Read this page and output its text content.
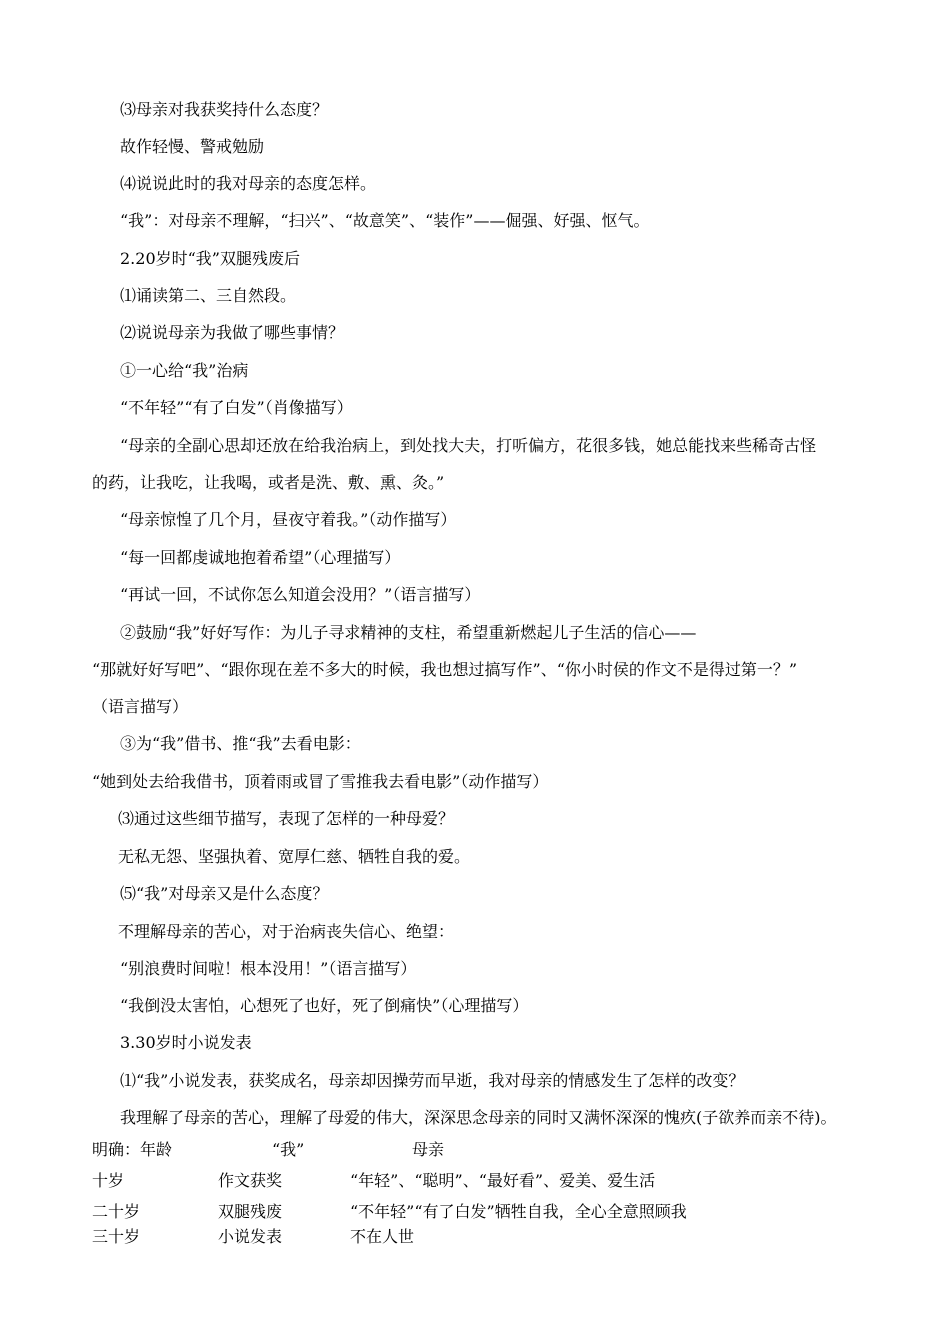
⑶母亲对我获奖持什么态度？
故作轻慢、警戒勉励
⑷说说此时的我对母亲的态度怎样。
“我”：对母亲不理解，“扫兴”、“故意笑”、“装作”——倔强、好强、怄气。
2.20岁时“我”双腿残废后
⑴诵读第二、三自然段。
⑵说说母亲为我做了哪些事情？
①一心给“我”治病
“不年轻”“有了白发”（肖像描写）
“母亲的全副心思却还放在给我治病上，到处找大夫，打听偏方，花很多钱，她总能找来些稀奇古怪
的药，让我吃，让我喝，或者是洗、敷、熏、灸。”
“母亲惊惶了几个月，昼夜守着我。”（动作描写）
“每一回都虔诚地抱着希望”（心理描写）
“再试一回，不试你怎么知道会没用？”（语言描写）
②鼓励“我”好好写作：为儿子寻求精神的支柱，希望重新燃起儿子生活的信心——
“那就好好写吧”、“跟你现在差不多大的时候，我也想过搞写作”、“你小时侯的作文不是得过第一？”
（语言描写）
③为“我”借书、推“我”去看电影：
“她到处去给我借书，顶着雨或冒了雪推我去看电影”（动作描写）
⑶通过这些细节描写，表现了怎样的一种母爱？
无私无怨、坚强执着、宽厚仁慈、牺牲自我的爱。
⑸“我”对母亲又是什么态度？
不理解母亲的苦心，对于治病丧失信心、绝望：
“别浪费时间啦！根本没用！”（语言描写）
“我倒没太害怕，心想死了也好，死了倒痛快”（心理描写）
3.30岁时小说发表
⑴“我”小说发表，获奖成名，母亲却因操劳而早逝，我对母亲的情感发生了怎样的改变？
我理解了母亲的苦心，理解了母爱的伟大，深深思念母亲的同时又满怀深深的愧疚(子欲养而亲不待)。
明确：年龄	“我”	母亲
十岁	作文获奖	“年轻”、“聪明”、“最好看”、爱美、爱生活
二十岁	双腿残废	“不年轻”“有了白发”牺牲自我，全心全意照顾我
三十岁	小说发表	不在人世
